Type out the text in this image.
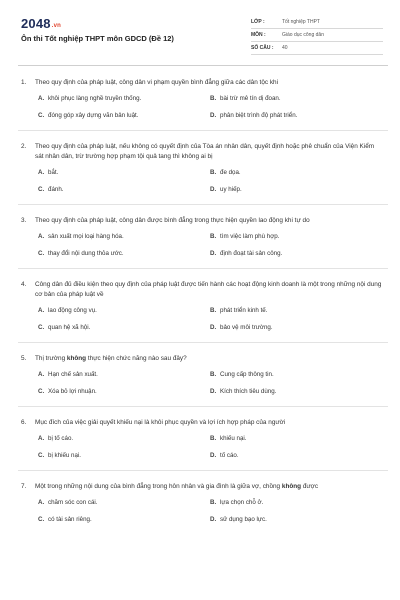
2048.vn
Ôn thi Tốt nghiệp THPT môn GDCD (Đề 12)
LỚP :	Tốt nghiệp THPT
MÔN :	Giáo dục công dân
SỐ CÂU :	40
1.	Theo quy định của pháp luật, công dân vi phạm quyền bình đẳng giữa các dân tộc khi
A. khôi phục làng nghề truyền thống.	B. bài trừ mê tín dị đoan.
C. đóng góp xây dựng văn bản luật.	D. phân biệt trình độ phát triển.
2.	Theo quy định của pháp luật, nếu không có quyết định của Tòa án nhân dân, quyết định hoặc phê chuẩn của Viện Kiểm sát nhân dân, trừ trường hợp phạm tội quả tang thì không ai bị
A. bắt.	B. đe dọa.
C. đánh.	D. uy hiếp.
3.	Theo quy định của pháp luật, công dân được bình đẳng trong thực hiện quyền lao động khi tự do
A. sản xuất mọi loại hàng hóa.	B. tìm việc làm phù hợp.
C. thay đổi nội dung thỏa ước.	D. định đoạt tài sản công.
4.	Công dân đủ điều kiện theo quy định của pháp luật được tiến hành các hoạt động kinh doanh là một trong những nội dung cơ bản của pháp luật về
A. lao động công vụ.	B. phát triển kinh tế.
C. quan hệ xã hội.	D. bảo vệ môi trường.
5.	Thị trường không thực hiện chức năng nào sau đây?
A. Hạn chế sản xuất.	B. Cung cấp thông tin.
C. Xóa bỏ lợi nhuận.	D. Kích thích tiêu dùng.
6.	Mục đích của việc giải quyết khiếu nại là khôi phục quyền và lợi ích hợp pháp của người
A. bị tố cáo.	B. khiếu nại.
C. bị khiếu nại.	D. tố cáo.
7.	Một trong những nội dung của bình đẳng trong hôn nhân và gia đình là giữa vợ, chồng không được
A. chăm sóc con cái.	B. lựa chọn chỗ ở.
C. có tài sản riêng.	D. sử dụng bạo lực.
